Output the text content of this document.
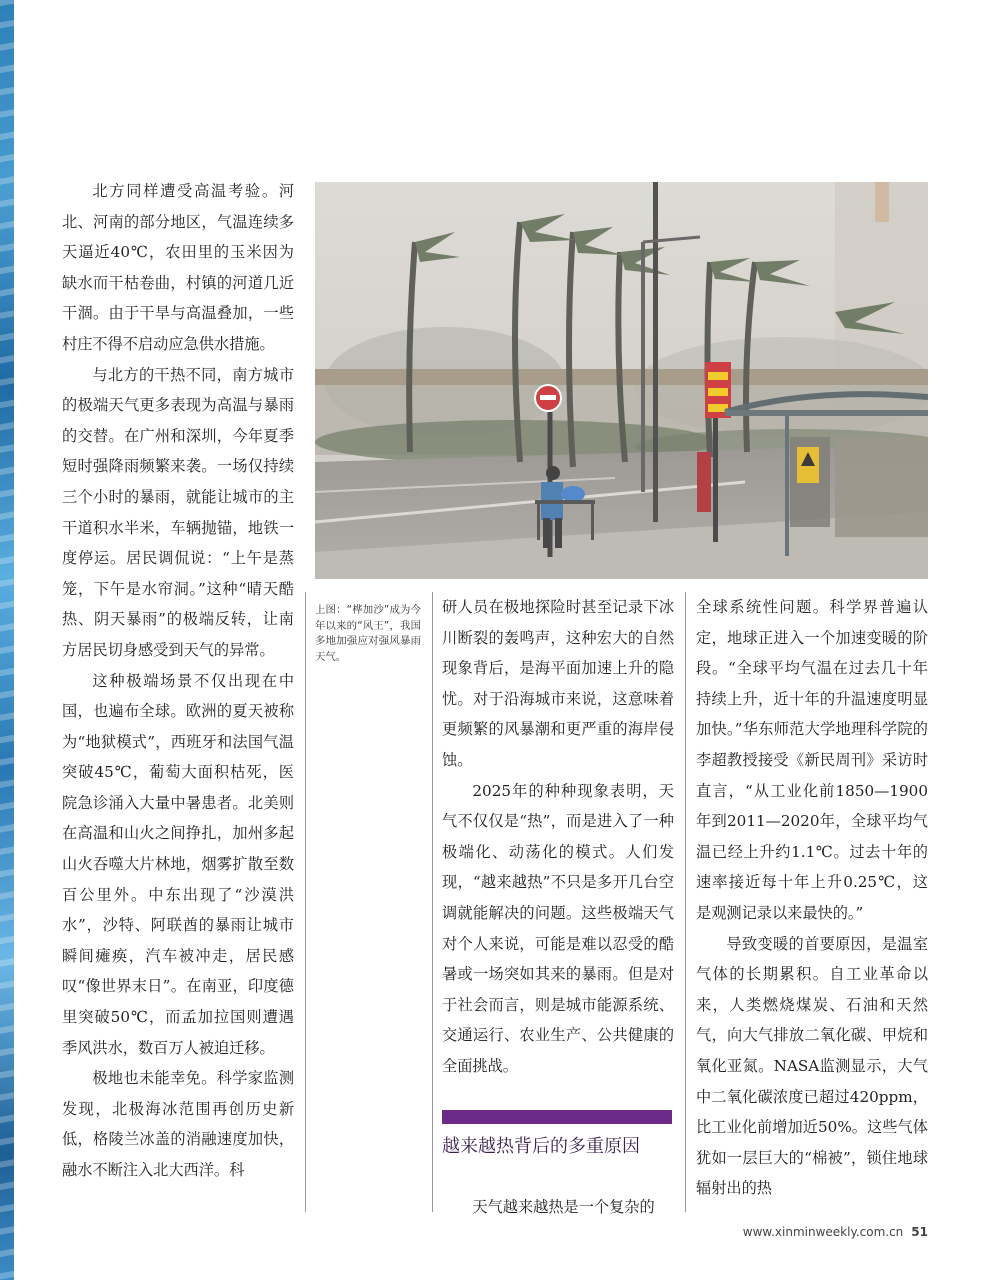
北方同样遭受高温考验。河北、河南的部分地区，气温连续多天逼近40℃，农田里的玉米因为缺水而干枯卷曲，村镇的河道几近干涸。由于干旱与高温叠加，一些村庄不得不启动应急供水措施。

与北方的干热不同，南方城市的极端天气更多表现为高温与暴雨的交替。在广州和深圳，今年夏季短时强降雨频繁来袭。一场仅持续三个小时的暴雨，就能让城市的主干道积水半米，车辆抛锚，地铁一度停运。居民调侃说：“上午是蒸笼，下午是水帘洞。”这种“晴天酷热、阴天暴雨”的极端反转，让南方居民切身感受到天气的异常。

这种极端场景不仅出现在中国，也遍布全球。欧洲的夏天被称为“地狱模式”，西班牙和法国气温突破45℃，葡萄大面积枯死，医院急诊涌入大量中暑患者。北美则在高温和山火之间挣扎，加州多起山火吞噬大片林地，烟雾扩散至数百公里外。中东出现了“沙漠洪水”，沙特、阿联酋的暴雨让城市瞬间瘫痪，汽车被冲走，居民感叹“像世界末日”。在南亚，印度德里突破50℃，而孟加拉国则遭遇季风洪水，数百万人被迫迁移。

极地也未能幸免。科学家监测发现，北极海冰范围再创历史新低，格陵兰冰盖的消融速度加快，融水不断注入北大西洋。科

上图：“桦加沙”成为今年以来的“风王”，我国多地加强应对强风暴雨天气。

研人员在极地探险时甚至记录下冰川断裂的轰鸣声，这种宏大的自然现象背后，是海平面加速上升的隐忧。对于沿海城市来说，这意味着更频繁的风暴潮和更严重的海岸侵蚀。

2025年的种种现象表明，天气不仅仅是“热”，而是进入了一种极端化、动荡化的模式。人们发现，“越来越热”不只是多开几台空调就能解决的问题。这些极端天气对个人来说，可能是难以忍受的酷暑或一场突如其来的暴雨。但是对于社会而言，则是城市能源系统、交通运行、农业生产、公共健康的全面挑战。

越来越热背后的多重原因

天气越来越热是一个复杂的

全球系统性问题。科学界普遍认定，地球正进入一个加速变暖的阶段。“全球平均气温在过去几十年持续上升，近十年的升温速度明显加快。”华东师范大学地理科学院的李超教授接受《新民周刊》采访时直言，“从工业化前1850—1900年到2011—2020年，全球平均气温已经上升约1.1℃。过去十年的速率接近每十年上升0.25℃，这是观测记录以来最快的。”

导致变暖的首要原因，是温室气体的长期累积。自工业革命以来，人类燃烧煤炭、石油和天然气，向大气排放二氧化碳、甲烷和氧化亚氮。NASA监测显示，大气中二氧化碳浓度已超过420ppm，比工业化前增加近50%。这些气体犹如一层巨大的“棉被”，锁住地球辐射出的热

www.xinminweekly.com.cn 51
